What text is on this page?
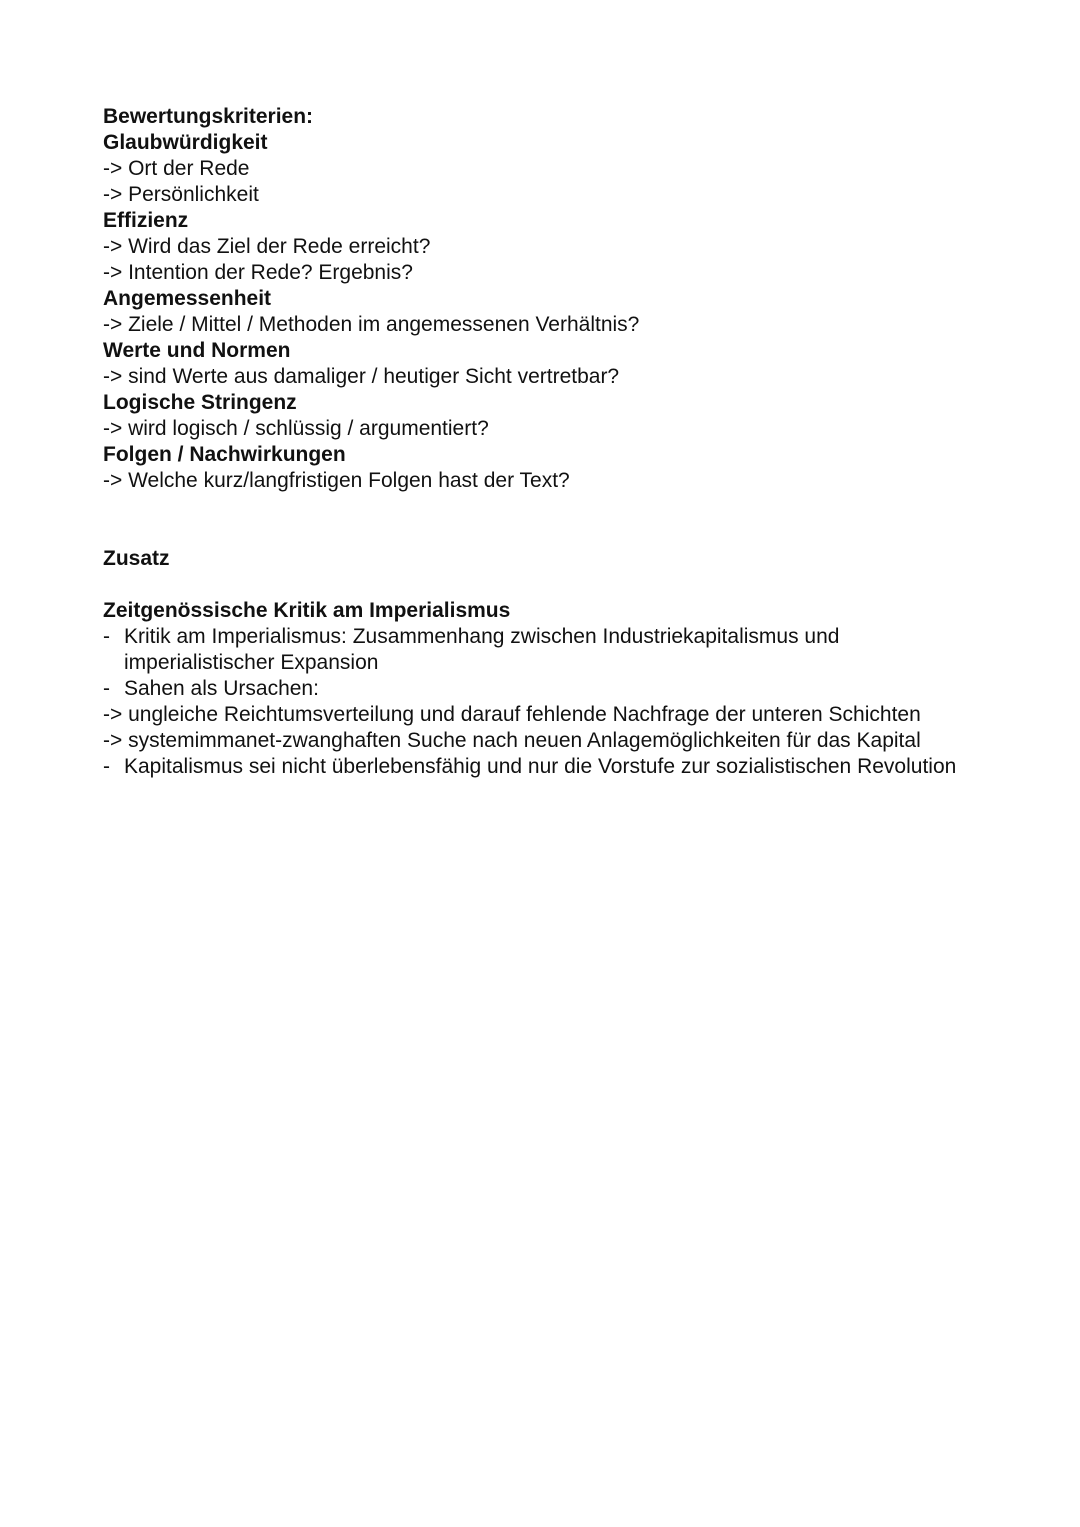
Bewertungskriterien:
Glaubwürdigkeit
-> Ort der Rede
-> Persönlichkeit
Effizienz
-> Wird das Ziel der Rede erreicht?
-> Intention der Rede? Ergebnis?
Angemessenheit
-> Ziele / Mittel / Methoden im angemessenen Verhältnis?
Werte und Normen
-> sind Werte aus damaliger / heutiger Sicht vertretbar?
Logische Stringenz
-> wird logisch / schlüssig / argumentiert?
Folgen / Nachwirkungen
-> Welche kurz/langfristigen Folgen hast der Text?
Zusatz
Zeitgenössische Kritik am Imperialismus
- Kritik am Imperialismus: Zusammenhang zwischen Industriekapitalismus und imperialistischer Expansion
- Sahen als Ursachen:
-> ungleiche Reichtumsverteilung und darauf fehlende Nachfrage der unteren Schichten
-> systemimmanet-zwanghaften Suche nach neuen Anlagemöglichkeiten für das Kapital
- Kapitalismus sei nicht überlebensfähig und nur die Vorstufe zur sozialistischen Revolution
